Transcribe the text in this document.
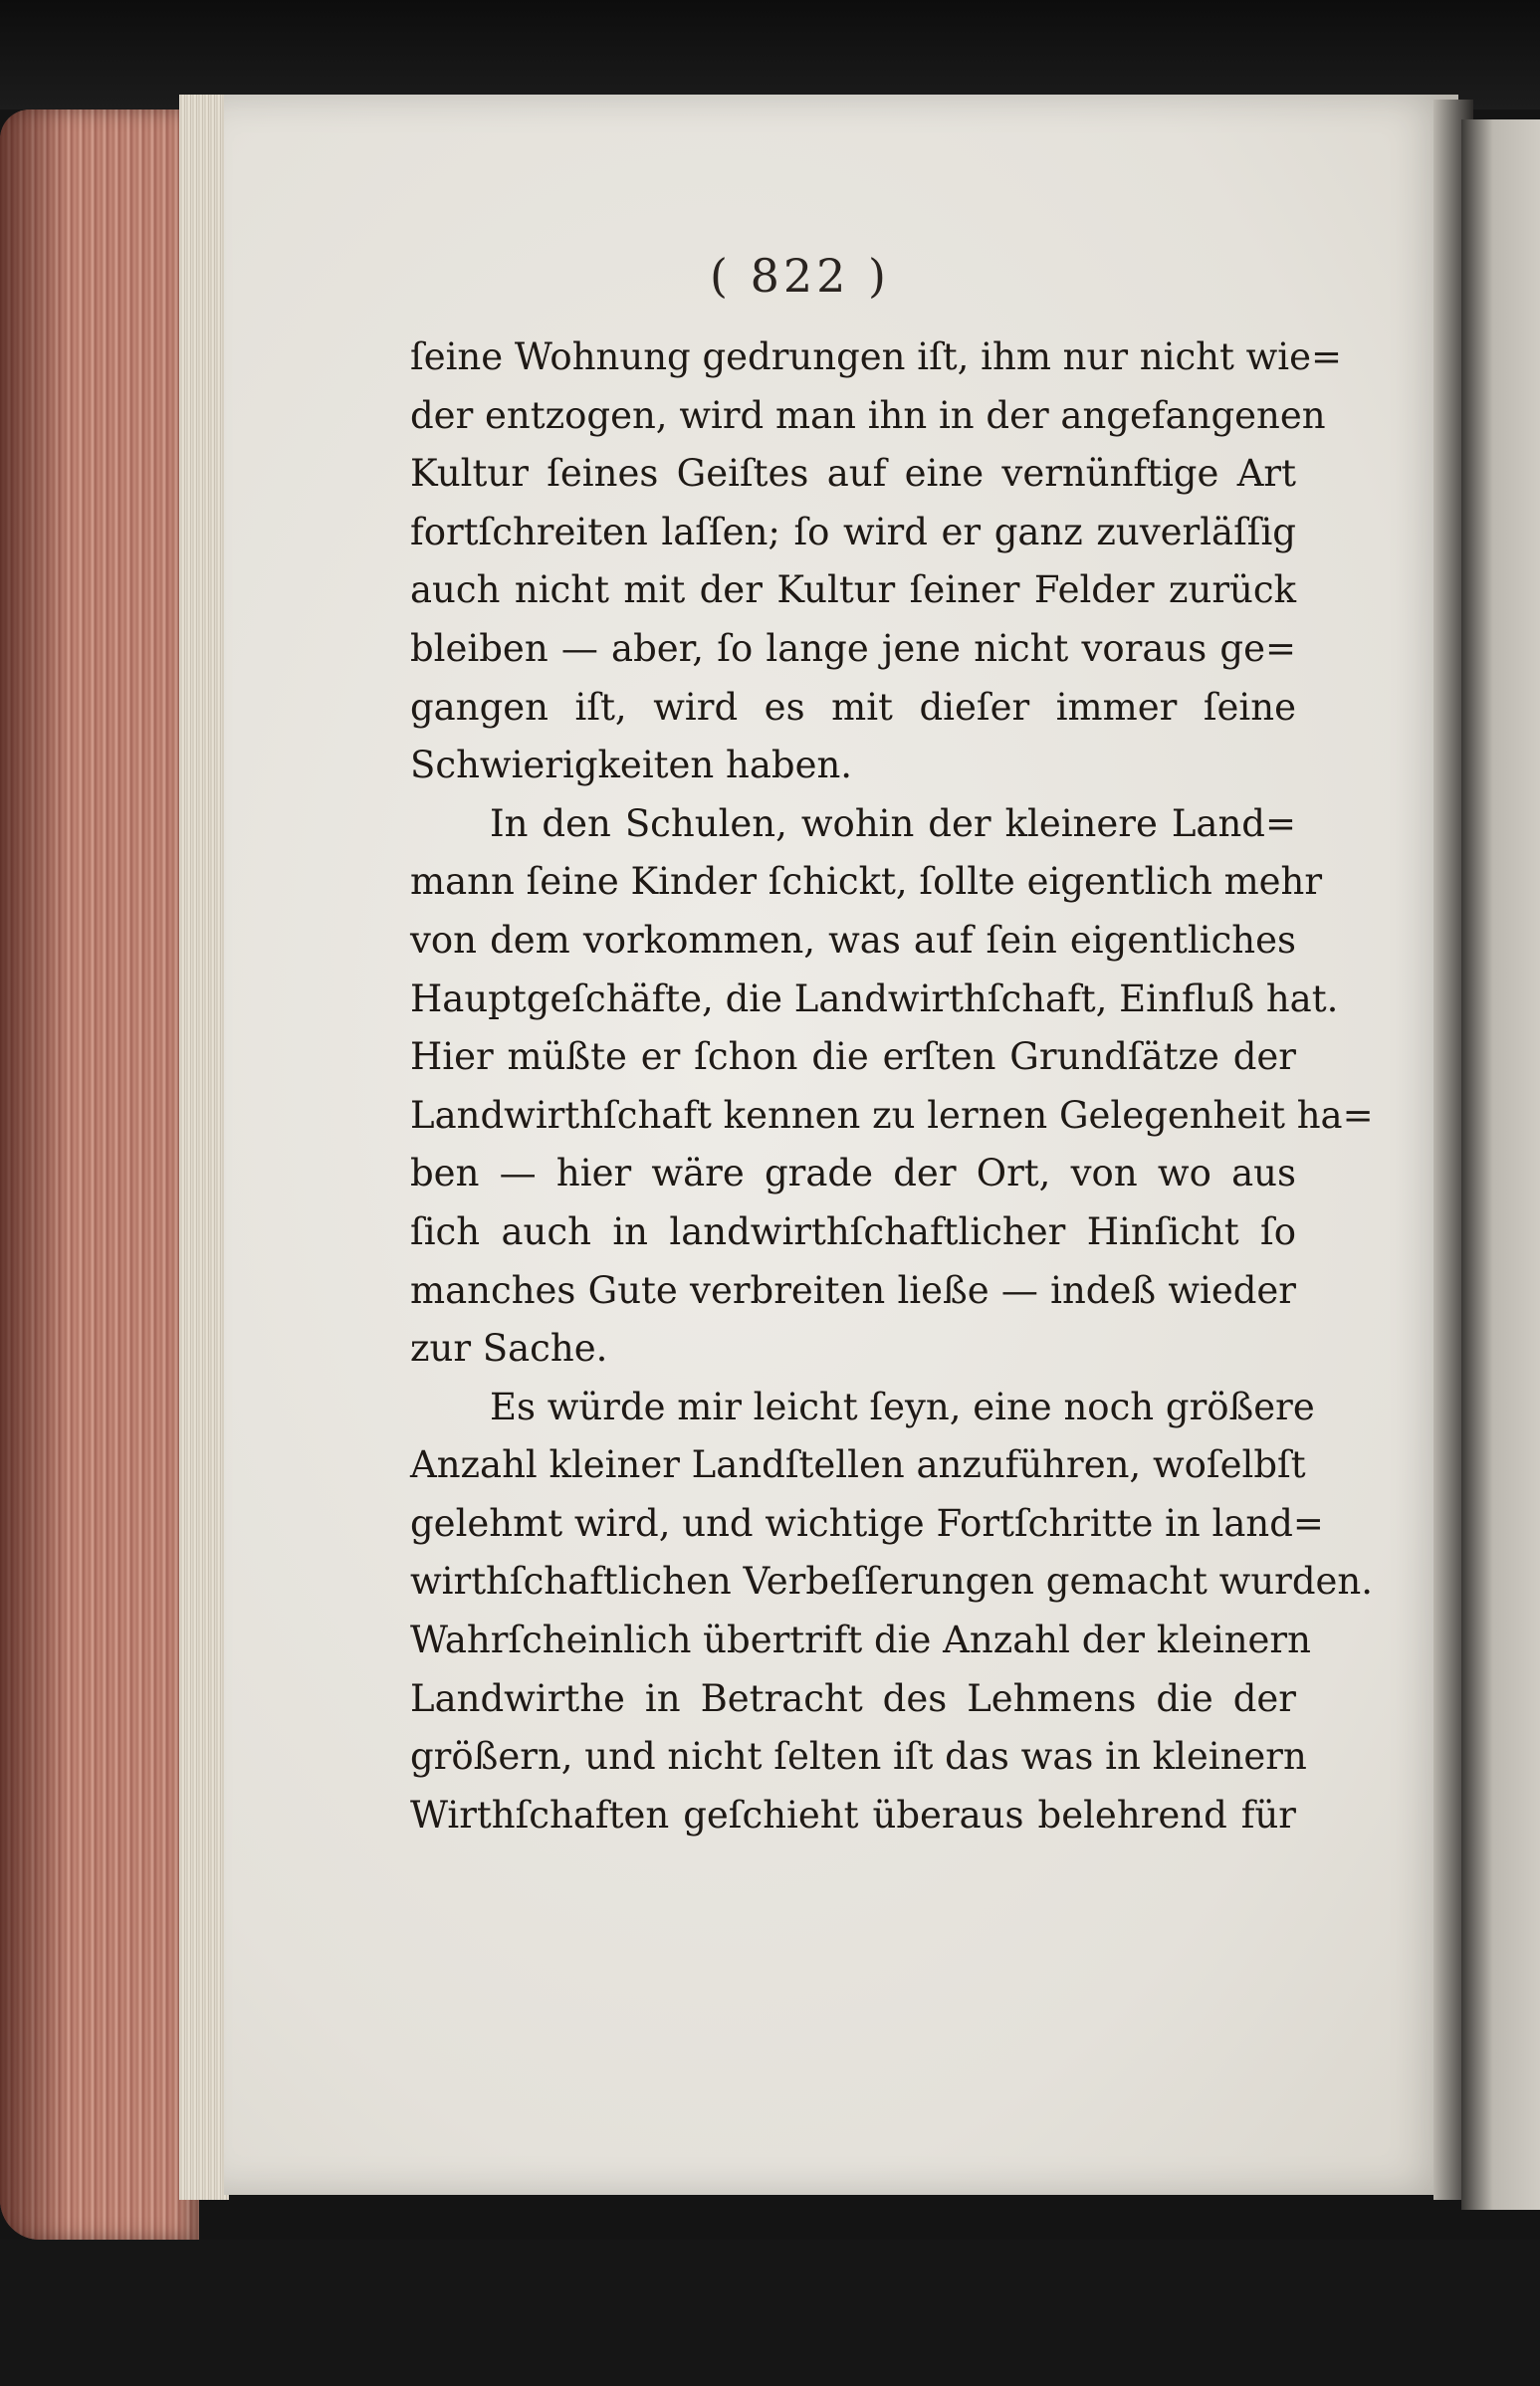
( 822 )
ſeine Wohnung gedrungen iſt, ihm nur nicht wie=
der entzogen, wird man ihn in der angefangenen
Kultur ſeines Geiſtes auf eine vernünftige Art
fortſchreiten laſſen; ſo wird er ganz zuverläſſig
auch nicht mit der Kultur ſeiner Felder zurück
bleiben — aber, ſo lange jene nicht voraus ge=
gangen iſt, wird es mit dieſer immer ſeine
Schwierigkeiten haben.
In den Schulen, wohin der kleinere Land=
mann ſeine Kinder ſchickt, ſollte eigentlich mehr
von dem vorkommen, was auf ſein eigentliches
Hauptgeſchäfte, die Landwirthſchaft, Einfluß hat.
Hier müßte er ſchon die erſten Grundſätze der
Landwirthſchaft kennen zu lernen Gelegenheit ha=
ben — hier wäre grade der Ort, von wo aus
ſich auch in landwirthſchaftlicher Hinſicht ſo
manches Gute verbreiten ließe — indeß wieder
zur Sache.
Es würde mir leicht ſeyn, eine noch größere
Anzahl kleiner Landſtellen anzuführen, woſelbſt
gelehmt wird, und wichtige Fortſchritte in land=
wirthſchaftlichen Verbeſſerungen gemacht wurden.
Wahrſcheinlich übertrift die Anzahl der kleinern
Landwirthe in Betracht des Lehmens die der
größern, und nicht ſelten iſt das was in kleinern
Wirthſchaften geſchieht überaus belehrend für
